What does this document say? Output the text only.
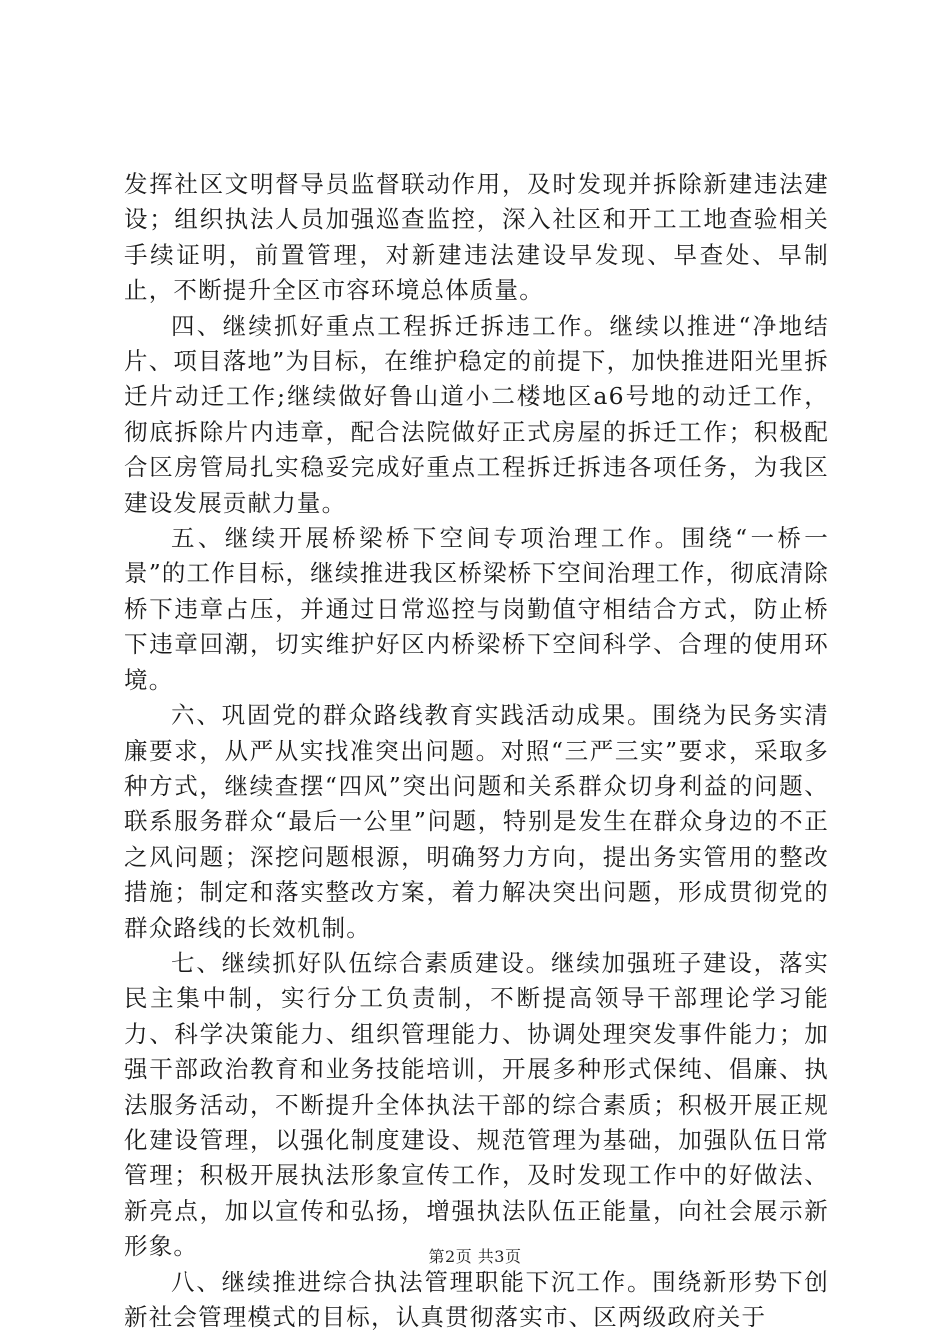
发挥社区文明督导员监督联动作用，及时发现并拆除新建违法建设；组织执法人员加强巡查监控，深入社区和开工工地查验相关手续证明，前置管理，对新建违法建设早发现、早查处、早制止，不断提升全区市容环境总体质量。

四、继续抓好重点工程拆迁拆违工作。继续以推进“净地结片、项目落地”为目标，在维护稳定的前提下，加快推进阳光里拆迁片动迁工作;继续做好鲁山道小二楼地区a6号地的动迁工作，彻底拆除片内违章，配合法院做好正式房屋的拆迁工作；积极配合区房管局扎实稳妥完成好重点工程拆迁拆违各项任务，为我区建设发展贡献力量。

五、继续开展桥梁桥下空间专项治理工作。围绕“一桥一景”的工作目标，继续推进我区桥梁桥下空间治理工作，彻底清除桥下违章占压，并通过日常巡控与岗勤值守相结合方式，防止桥下违章回潮，切实维护好区内桥梁桥下空间科学、合理的使用环境。

六、巩固党的群众路线教育实践活动成果。围绕为民务实清廉要求，从严从实找准突出问题。对照“三严三实”要求，采取多种方式，继续查摆“四风”突出问题和关系群众切身利益的问题、联系服务群众“最后一公里”问题，特别是发生在群众身边的不正之风问题；深挖问题根源，明确努力方向，提出务实管用的整改措施；制定和落实整改方案，着力解决突出问题，形成贯彻党的群众路线的长效机制。

七、继续抓好队伍综合素质建设。继续加强班子建设，落实民主集中制，实行分工负责制，不断提高领导干部理论学习能力、科学决策能力、组织管理能力、协调处理突发事件能力；加强干部政治教育和业务技能培训，开展多种形式保纯、倡廉、执法服务活动，不断提升全体执法干部的综合素质；积极开展正规化建设管理，以强化制度建设、规范管理为基础，加强队伍日常管理；积极开展执法形象宣传工作，及时发现工作中的好做法、新亮点，加以宣传和弘扬，增强执法队伍正能量，向社会展示新形象。

八、继续推进综合执法管理职能下沉工作。围绕新形势下创新社会管理模式的目标，认真贯彻落实市、区两级政府关于

第2页 共3页
